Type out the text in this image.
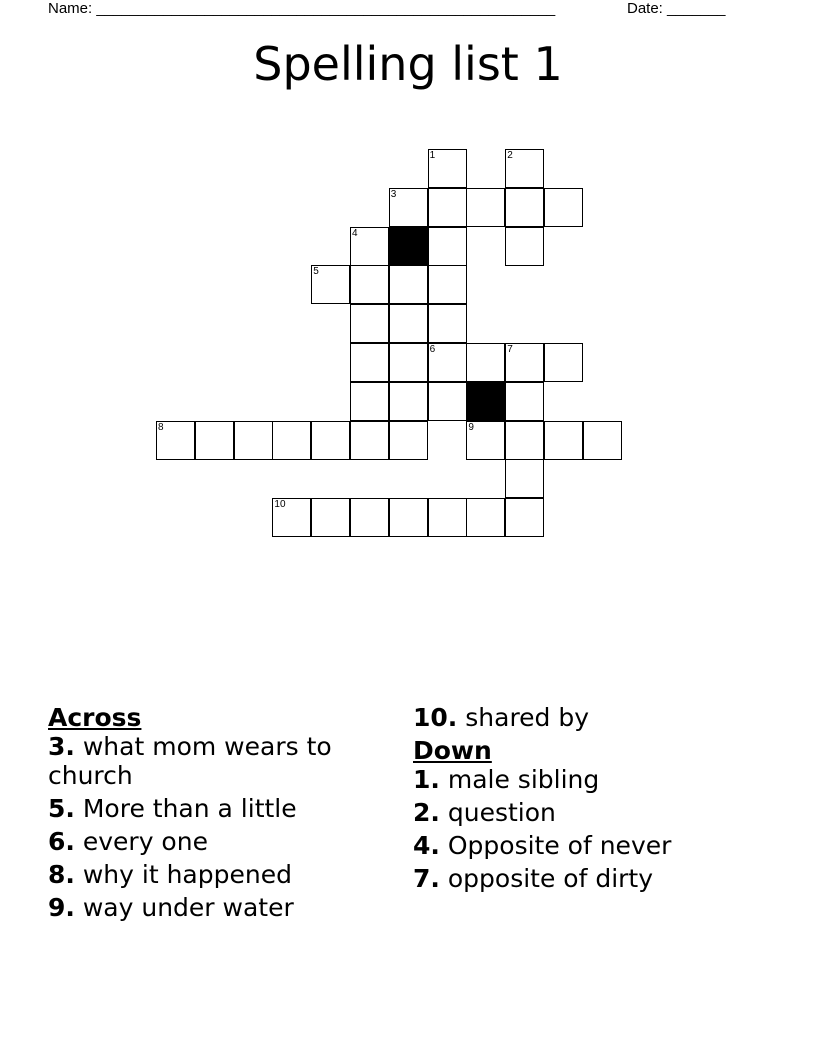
Name: _______________________________________________________	Date: _______
Spelling list 1
1	2
3
4
5
6	7
8	9
10
Across
3. what mom wears to church
5. More than a little
6. every one
8. why it happened
9. way under water
10. shared by
Down
1. male sibling
2. question
4. Opposite of never
7. opposite of dirty
